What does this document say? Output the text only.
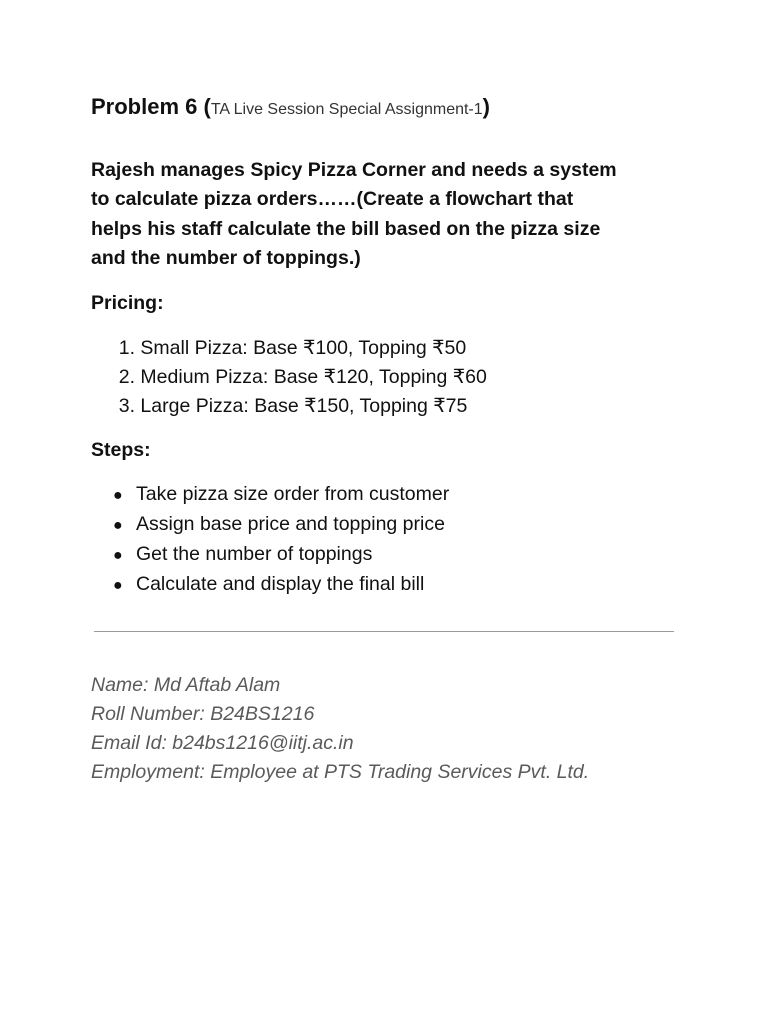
Problem 6 (TA Live Session Special Assignment-1)
Rajesh manages Spicy Pizza Corner and needs a system
to calculate pizza orders……(Create a flowchart that
helps his staff calculate the bill based on the pizza size
and the number of toppings.)
Pricing:
1. Small Pizza: Base ₹100, Topping ₹50
2. Medium Pizza: Base ₹120, Topping ₹60
3. Large Pizza: Base ₹150, Topping ₹75
Steps:
● Take pizza size order from customer
● Assign base price and topping price
● Get the number of toppings
● Calculate and display the final bill
Name: Md Aftab Alam
Roll Number: B24BS1216
Email Id: b24bs1216@iitj.ac.in
Employment: Employee at PTS Trading Services Pvt. Ltd.
